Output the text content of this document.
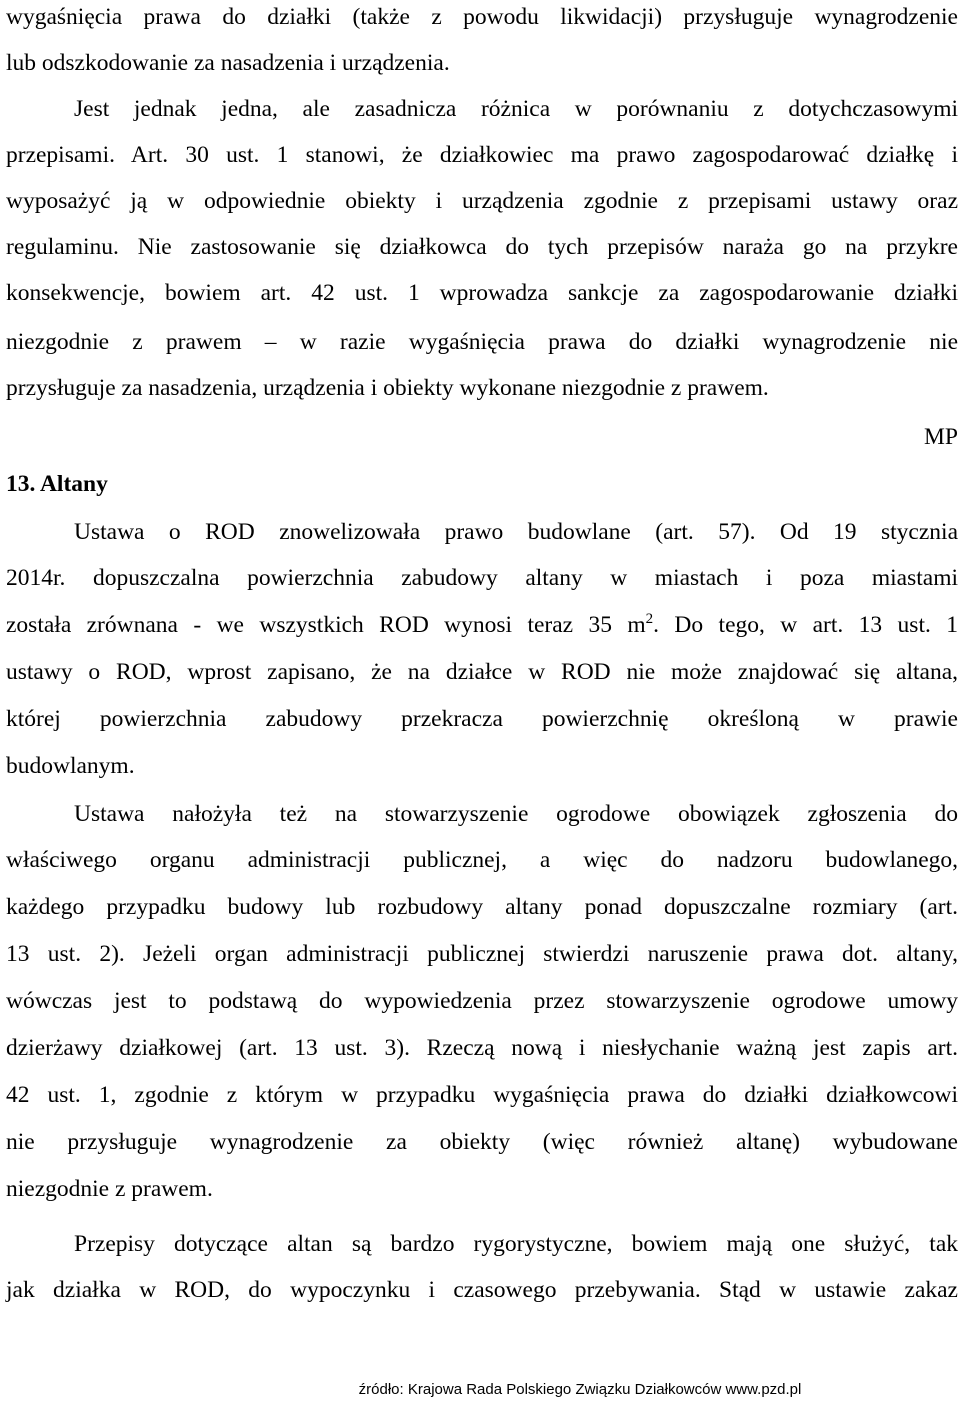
wygaśnięcia prawa do działki (także z powodu likwidacji) przysługuje wynagrodzenie
lub odszkodowanie za nasadzenia i urządzenia.
Jest jednak jedna, ale zasadnicza różnica w porównaniu z dotychczasowymi
przepisami. Art. 30 ust. 1 stanowi, że działkowiec ma prawo zagospodarować działkę i
wyposażyć ją w odpowiednie obiekty i urządzenia zgodnie z przepisami ustawy oraz
regulaminu. Nie zastosowanie się działkowca do tych przepisów naraża go na przykre
konsekwencje, bowiem art. 42 ust. 1 wprowadza sankcje za zagospodarowanie działki
niezgodnie z prawem – w razie wygaśnięcia prawa do działki wynagrodzenie nie
przysługuje za nasadzenia, urządzenia i obiekty wykonane niezgodnie z prawem.
MP
13. Altany
Ustawa o ROD znowelizowała prawo budowlane (art. 57). Od 19 stycznia
2014r. dopuszczalna powierzchnia zabudowy altany w miastach i poza miastami
została zrównana - we wszystkich ROD wynosi teraz 35 $m^2$. Do tego, w art. 13 ust. 1
ustawy o ROD, wprost zapisano, że na działce w ROD nie może znajdować się altana,
której powierzchnia zabudowy przekracza powierzchnię określoną w prawie
budowlanym.
Ustawa nałożyła też na stowarzyszenie ogrodowe obowiązek zgłoszenia do
właściwego organu administracji publicznej, a więc do nadzoru budowlanego,
każdego przypadku budowy lub rozbudowy altany ponad dopuszczalne rozmiary (art.
13 ust. 2). Jeżeli organ administracji publicznej stwierdzi naruszenie prawa dot. altany,
wówczas jest to podstawą do wypowiedzenia przez stowarzyszenie ogrodowe umowy
dzierżawy działkowej (art. 13 ust. 3). Rzeczą nową i niesłychanie ważną jest zapis art.
42 ust. 1, zgodnie z którym w przypadku wygaśnięcia prawa do działki działkowcowi
nie przysługuje wynagrodzenie za obiekty (więc również altanę) wybudowane
niezgodnie z prawem.
Przepisy dotyczące altan są bardzo rygorystyczne, bowiem mają one służyć, tak
jak działka w ROD, do wypoczynku i czasowego przebywania. Stąd w ustawie zakaz
źródło: Krajowa Rada Polskiego Związku Działkowców www.pzd.pl
